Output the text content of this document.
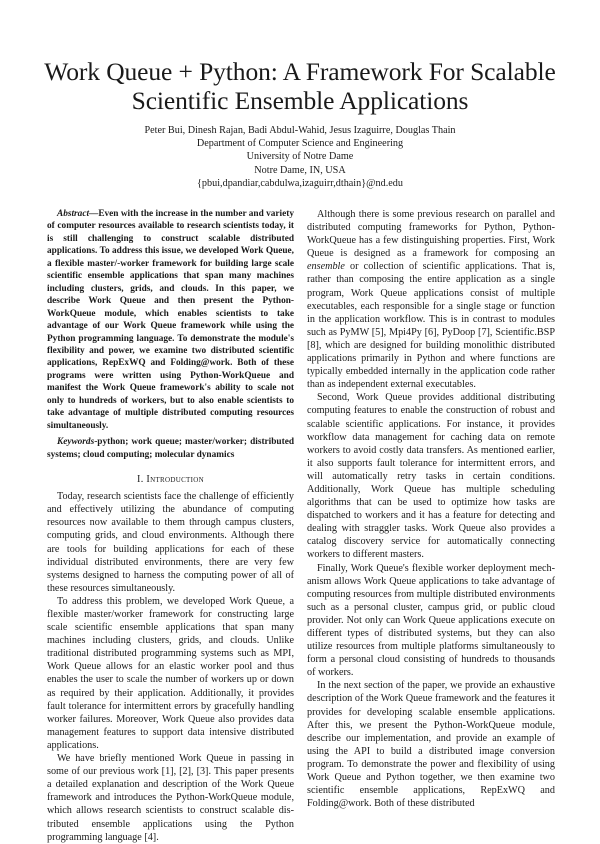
Work Queue + Python: A Framework For Scalable
Scientific Ensemble Applications
Peter Bui, Dinesh Rajan, Badi Abdul-Wahid, Jesus Izaguirre, Douglas Thain
Department of Computer Science and Engineering
University of Notre Dame
Notre Dame, IN, USA
{pbui,dpandiar,cabdulwa,izaguirr,dthain}@nd.edu

Abstract—Even with the increase in the number and variety of computer resources available to research scientists today, it is still challenging to construct scalable distributed applications. To address this issue, we developed Work Queue, a flexible master/-worker framework for building large scale scientific ensemble applications that span many machines including clusters, grids, and clouds. In this paper, we describe Work Queue and then present the Python-WorkQueue module, which enables scientists to take advantage of our Work Queue framework while using the Python programming language. To demonstrate the module's flexibility and power, we examine two distributed scientific applications, RepExWQ and Folding@work. Both of these programs were written using Python-WorkQueue and manifest the Work Queue framework's ability to scale not only to hundreds of workers, but to also enable scientists to take advantage of multiple distributed computing resources simultaneously.

Keywords-python; work queue; master/worker; distributed systems; cloud computing; molecular dynamics

I. Introduction

Today, research scientists face the challenge of efficiently and effectively utilizing the abundance of computing resources now available to them through campus clusters, computing grids, and cloud environments. Although there are tools for building applications for each of these individual distributed environments, there are very few systems designed to harness the computing power of all of these resources simultaneously.

To address this problem, we developed Work Queue, a flexible master/worker framework for constructing large scale scientific ensemble applications that span many machines including clusters, grids, and clouds. Unlike traditional distributed programming systems such as MPI, Work Queue allows for an elastic worker pool and thus enables the user to scale the number of workers up or down as required by their application. Additionally, it provides fault tolerance for intermittent errors by gracefully handling worker failures. Moreover, Work Queue also provides data management features to support data intensive distributed applications.

We have briefly mentioned Work Queue in passing in some of our previous work [1], [2], [3]. This paper presents a detailed explanation and description of the Work Queue framework and introduces the Python-WorkQueue module, which allows research scientists to construct scalable distributed ensemble applications using the Python programming language [4].

Although there is some previous research on parallel and distributed computing frameworks for Python, Python-WorkQueue has a few distinguishing properties. First, Work Queue is designed as a framework for composing an ensemble or collection of scientific applications. That is, rather than composing the entire application as a single program, Work Queue applications consist of multiple executables, each responsible for a single stage or function in the application workflow. This is in contrast to modules such as PyMW [5], Mpi4Py [6], PyDoop [7], Scientific.BSP [8], which are designed for building monolithic distributed applications primarily in Python and where functions are typically embedded internally in the application code rather than as independent external executables.

Second, Work Queue provides additional distributing computing features to enable the construction of robust and scalable scientific applications. For instance, it provides workflow data management for caching data on remote workers to avoid costly data transfers. As mentioned earlier, it also supports fault tolerance for intermittent errors, and will automatically retry tasks in certain conditions. Additionally, Work Queue has multiple scheduling algorithms that can be used to optimize how tasks are dispatched to workers and it has a feature for detecting and dealing with straggler tasks. Work Queue also provides a catalog discovery service for automatically connecting workers to different masters.

Finally, Work Queue's flexible worker deployment mechanism allows Work Queue applications to take advantage of computing resources from multiple distributed environments such as a personal cluster, campus grid, or public cloud provider. Not only can Work Queue applications execute on different types of distributed systems, but they can also utilize resources from multiple platforms simultaneously to form a personal cloud consisting of hundreds to thousands of workers.

In the next section of the paper, we provide an exhaustive description of the Work Queue framework and the features it provides for developing scalable ensemble applications. After this, we present the Python-WorkQueue module, describe our implementation, and provide an example of using the API to build a distributed image conversion program. To demonstrate the power and flexibility of using Work Queue and Python together, we then examine two scientific ensemble applications, RepExWQ and Folding@work. Both of these distributed
